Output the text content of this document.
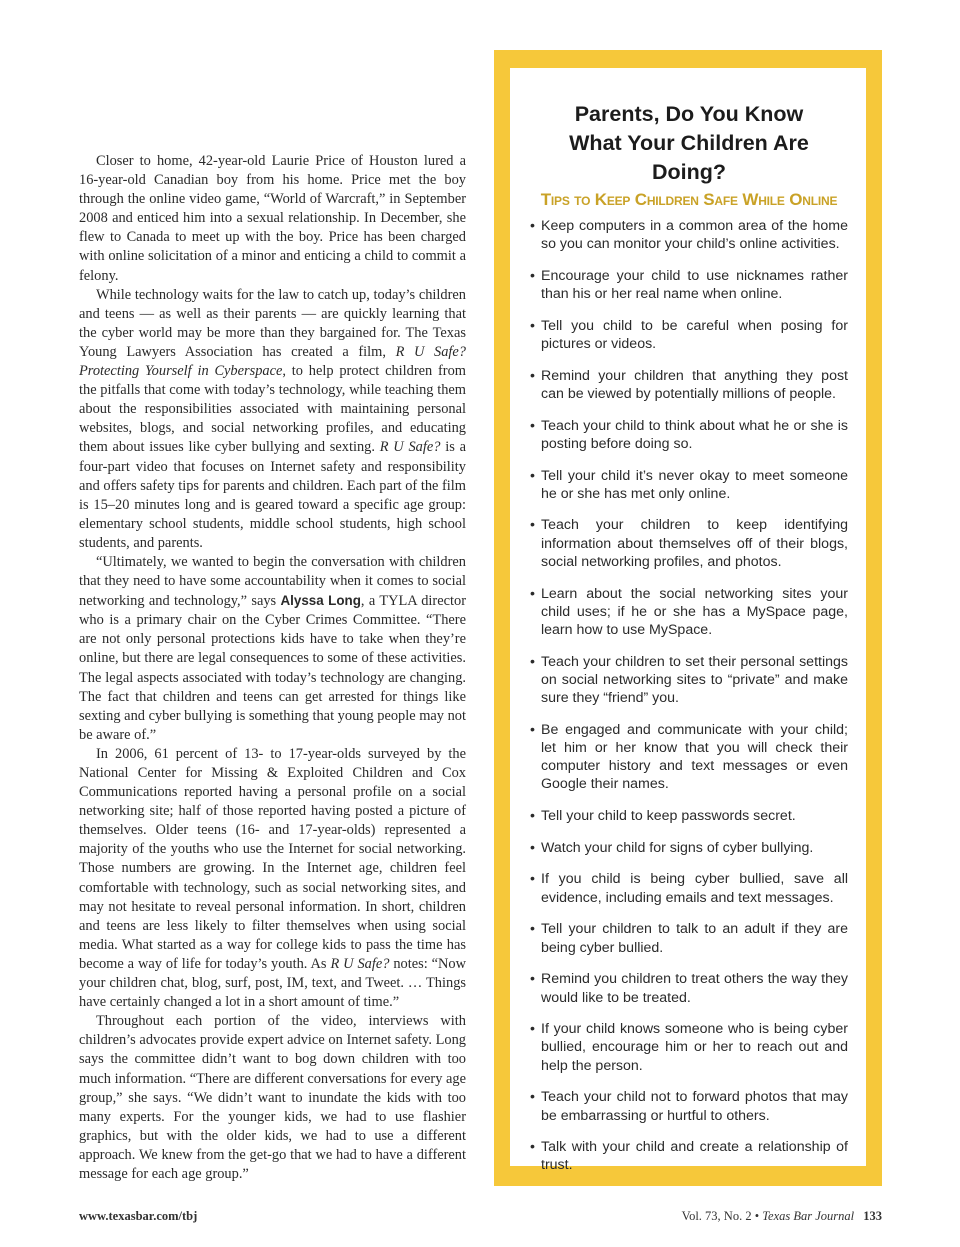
Closer to home, 42-year-old Laurie Price of Houston lured a 16-year-old Canadian boy from his home. Price met the boy through the online video game, “World of Warcraft,” in September 2008 and enticed him into a sexual relationship. In December, she flew to Canada to meet up with the boy. Price has been charged with online solicitation of a minor and enticing a child to commit a felony.

While technology waits for the law to catch up, today’s children and teens — as well as their parents — are quickly learning that the cyber world may be more than they bargained for. The Texas Young Lawyers Association has created a film, R U Safe? Protecting Yourself in Cyberspace, to help protect children from the pitfalls that come with today’s technology, while teaching them about the responsibilities associated with maintaining personal websites, blogs, and social networking profiles, and educating them about issues like cyber bullying and sexting. R U Safe? is a four-part video that focuses on Internet safety and responsibility and offers safety tips for parents and children. Each part of the film is 15–20 minutes long and is geared toward a specific age group: elementary school students, middle school students, high school students, and parents.

“Ultimately, we wanted to begin the conversation with children that they need to have some accountability when it comes to social networking and technology,” says Alyssa Long, a TYLA director who is a primary chair on the Cyber Crimes Committee. “There are not only personal protections kids have to take when they’re online, but there are legal consequences to some of these activities. The legal aspects associated with today’s technology are changing. The fact that children and teens can get arrested for things like sexting and cyber bullying is something that young people may not be aware of.”

In 2006, 61 percent of 13- to 17-year-olds surveyed by the National Center for Missing & Exploited Children and Cox Communications reported having a personal profile on a social networking site; half of those reported having posted a picture of themselves. Older teens (16- and 17-year-olds) represented a majority of the youths who use the Internet for social networking. Those numbers are growing. In the Internet age, children feel comfortable with technology, such as social networking sites, and may not hesitate to reveal personal information. In short, children and teens are less likely to filter themselves when using social media. What started as a way for college kids to pass the time has become a way of life for today’s youth. As R U Safe? notes: “Now your children chat, blog, surf, post, IM, text, and Tweet. … Things have certainly changed a lot in a short amount of time.”

Throughout each portion of the video, interviews with children’s advocates provide expert advice on Internet safety. Long says the committee didn’t want to bog down children with too much information. “There are different conversations for every age group,” she says. “We didn’t want to inundate the kids with too many experts. For the younger kids, we had to use flashier graphics, but with the older kids, we had to use a different approach. We knew from the get-go that we had to have a different message for each age group.”

Parents, Do You Know
What Your Children Are Doing?
Tips to Keep Children Safe While Online
• Keep computers in a common area of the home so you can monitor your child’s online activities.
• Encourage your child to use nicknames rather than his or her real name when online.
• Tell you child to be careful when posing for pictures or videos.
• Remind your children that anything they post can be viewed by potentially millions of people.
• Teach your child to think about what he or she is posting before doing so.
• Tell your child it’s never okay to meet someone he or she has met only online.
• Teach your children to keep identifying information about themselves off of their blogs, social networking profiles, and photos.
• Learn about the social networking sites your child uses; if he or she has a MySpace page, learn how to use MySpace.
• Teach your children to set their personal settings on social networking sites to “private” and make sure they “friend” you.
• Be engaged and communicate with your child; let him or her know that you will check their computer history and text messages or even Google their names.
• Tell your child to keep passwords secret.
• Watch your child for signs of cyber bullying.
• If you child is being cyber bullied, save all evidence, including emails and text messages.
• Tell your children to talk to an adult if they are being cyber bullied.
• Remind you children to treat others the way they would like to be treated.
• If your child knows someone who is being cyber bullied, encourage him or her to reach out and help the person.
• Teach your child not to forward photos that may be embarrassing or hurtful to others.
• Talk with your child and create a relationship of trust.
www.texasbar.com/tbj	Vol. 73, No. 2 • Texas Bar Journal 133
